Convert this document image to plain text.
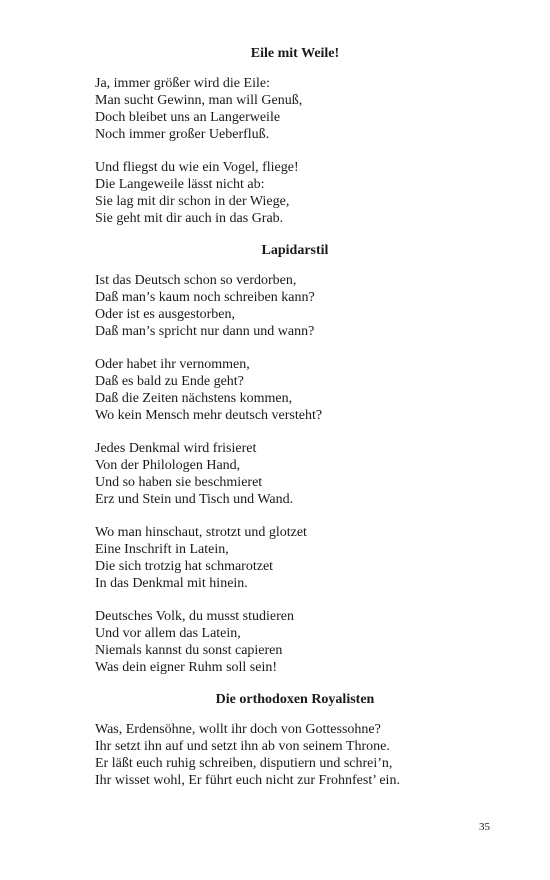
Eile mit Weile!
Ja, immer größer wird die Eile:
Man sucht Gewinn, man will Genuß,
Doch bleibet uns an Langerweile
Noch immer großer Ueberfluß.
Und fliegst du wie ein Vogel, fliege!
Die Langeweile lässt nicht ab:
Sie lag mit dir schon in der Wiege,
Sie geht mit dir auch in das Grab.
Lapidarstil
Ist das Deutsch schon so verdorben,
Daß man’s kaum noch schreiben kann?
Oder ist es ausgestorben,
Daß man’s spricht nur dann und wann?
Oder habet ihr vernommen,
Daß es bald zu Ende geht?
Daß die Zeiten nächstens kommen,
Wo kein Mensch mehr deutsch versteht?
Jedes Denkmal wird frisieret
Von der Philologen Hand,
Und so haben sie beschmieret
Erz und Stein und Tisch und Wand.
Wo man hinschaut, strotzt und glotzet
Eine Inschrift in Latein,
Die sich trotzig hat schmarotzet
In das Denkmal mit hinein.
Deutsches Volk, du musst studieren
Und vor allem das Latein,
Niemals kannst du sonst capieren
Was dein eigner Ruhm soll sein!
Die orthodoxen Royalisten
Was, Erdensöhne, wollt ihr doch von Gottessohne?
Ihr setzt ihn auf und setzt ihn ab von seinem Throne.
Er läßt euch ruhig schreiben, disputiern und schrei’n,
Ihr wisset wohl, Er führt euch nicht zur Frohnfest’ ein.
35
